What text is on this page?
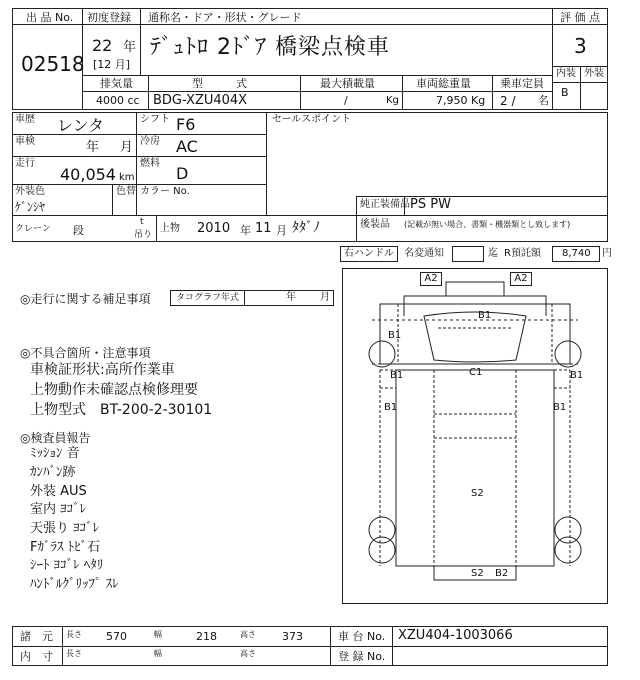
出 品 No.
02518
初度登録
22 年
[12 月]
通称名・ドア・形状・グレード
ﾃﾞｭﾄﾛ 2ﾄﾞｱ 橋梁点検車
評 価 点
3
内装 外装
B
排気量	型　　　式	最大積載量	車両総重量	乗車定員
4000 cc BDG-XZU404X	/	Kg	7,950 Kg 2 / 名
車歴 レンタ	シフト F6
車検	年 月 冷房 AC
走行
40,054 km
燃料
D
外装色
ｹﾞﾝｼﾔ
色替 カラー No.
セールスポイント
純正装備品 PS PW
後装品 (記載が無い場合、書類・機器類とし致します)
クレーン 段
t
吊り
上物 2010 年 11 月 ﾀﾀﾞﾉ
右ハンドル 名変通知	迄 R預託額 8,740 円
◎走行に関する補足事項	タコグラフ年式	年 月
◎不具合箇所・注意事項
車検証形状:高所作業車
上物動作未確認点検修理要
上物型式　BT-200-2-30101
◎検査員報告
ﾐｯｼｮﾝ 音
ｶﾝﾊﾞﾝ跡
外装 AUS
室内 ﾖｺﾞﾚ
天張り ﾖｺﾞﾚ
Fｶﾞﾗｽ ﾄﾋﾞ石
ｼｰﾄ ﾖｺﾞﾚ ﾍﾀﾘ
ﾊﾝﾄﾞﾙｸﾞﾘｯﾌﾟ ｽﾚ
A2	A2
B1
B1
B1	B1
C1
B1	B1
S2
S2 B2
諸　元 長さ 570	幅	218	高さ 373	車 台 No. XZU404-1003066
内　寸 長さ	幅	高さ	登 録 No.
